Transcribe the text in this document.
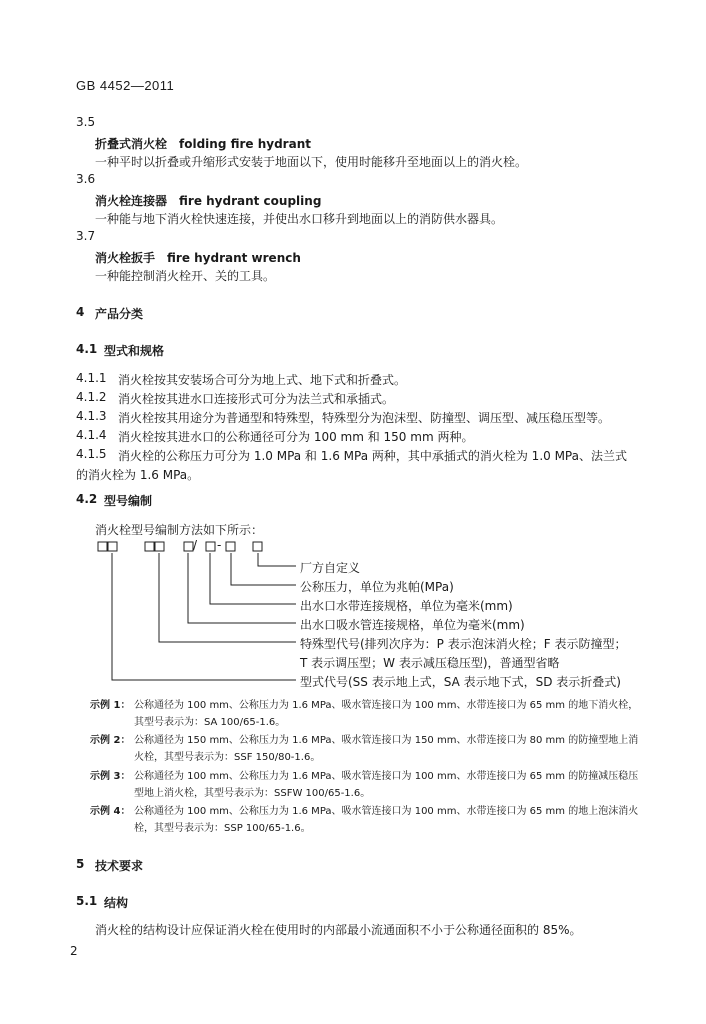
GB 4452—2011
3.5
折叠式消火栓　folding fire hydrant
一种平时以折叠或升缩形式安装于地面以下，使用时能移升至地面以上的消火栓。
3.6
消火栓连接器　fire hydrant coupling
一种能与地下消火栓快速连接，并使出水口移升到地面以上的消防供水器具。
3.7
消火栓扳手　fire hydrant wrench
一种能控制消火栓开、关的工具。
4 产品分类
4.1 型式和规格
4.1.1 消火栓按其安装场合可分为地上式、地下式和折叠式。
4.1.2 消火栓按其进水口连接形式可分为法兰式和承插式。
4.1.3 消火栓按其用途分为普通型和特殊型，特殊型分为泡沫型、防撞型、调压型、减压稳压型等。
4.1.4 消火栓按其进水口的公称通径可分为 100 mm 和 150 mm 两种。
4.1.5 消火栓的公称压力可分为 1.0 MPa 和 1.6 MPa 两种，其中承插式的消火栓为 1.0 MPa、法兰式
的消火栓为 1.6 MPa。
4.2 型号编制
消火栓型号编制方法如下所示：
/ -
厂方自定义
公称压力，单位为兆帕(MPa)
出水口水带连接规格，单位为毫米(mm)
出水口吸水管连接规格，单位为毫米(mm)
特殊型代号(排列次序为：P 表示泡沫消火栓；F 表示防撞型；
T 表示调压型；W 表示减压稳压型)，普通型省略
型式代号(SS 表示地上式，SA 表示地下式，SD 表示折叠式)
示例 1： 公称通径为 100 mm、公称压力为 1.6 MPa、吸水管连接口为 100 mm、水带连接口为 65 mm 的地下消火栓，
其型号表示为：SA 100/65-1.6。
示例 2： 公称通径为 150 mm、公称压力为 1.6 MPa、吸水管连接口为 150 mm、水带连接口为 80 mm 的防撞型地上消
火栓，其型号表示为：SSF 150/80-1.6。
示例 3： 公称通径为 100 mm、公称压力为 1.6 MPa、吸水管连接口为 100 mm、水带连接口为 65 mm 的防撞减压稳压
型地上消火栓，其型号表示为：SSFW 100/65-1.6。
示例 4： 公称通径为 100 mm、公称压力为 1.6 MPa、吸水管连接口为 100 mm、水带连接口为 65 mm 的地上泡沫消火
栓，其型号表示为：SSP 100/65-1.6。
5 技术要求
5.1 结构
消火栓的结构设计应保证消火栓在使用时的内部最小流通面积不小于公称通径面积的 85%。
2
